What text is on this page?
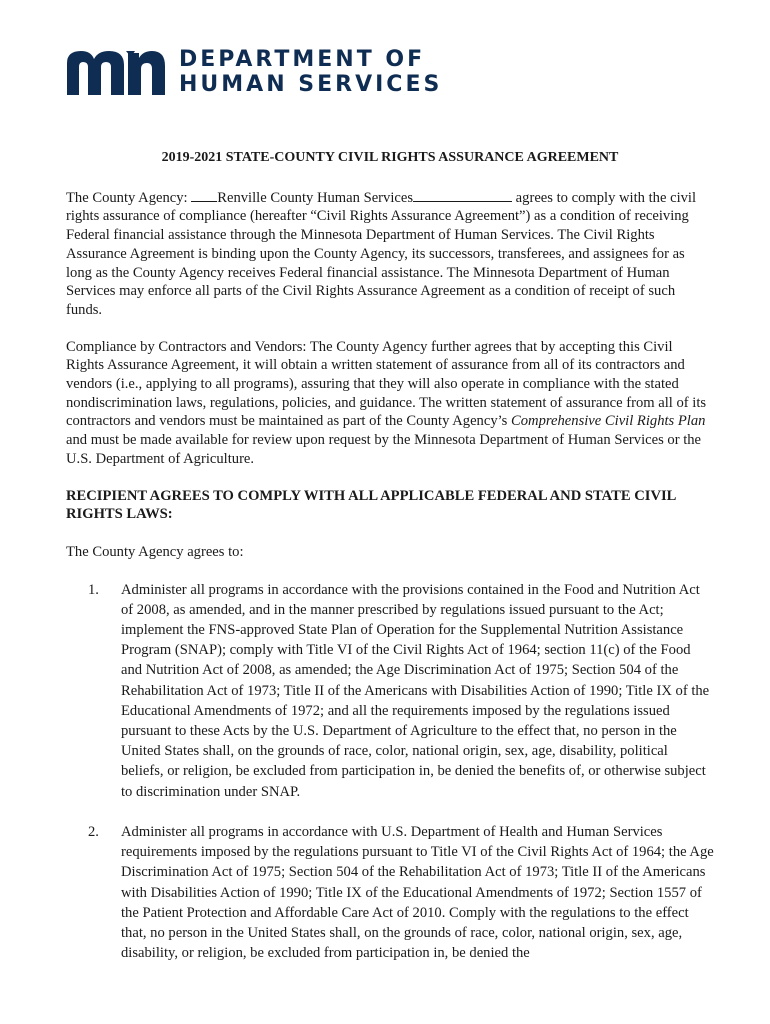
DEPARTMENT OF
HUMAN SERVICES
2019-2021 STATE-COUNTY CIVIL RIGHTS ASSURANCE AGREEMENT

The County Agency: Renville County Human Services	agrees to comply with the civil rights assurance of compliance (hereafter “Civil Rights Assurance Agreement”) as a condition of receiving Federal financial assistance through the Minnesota Department of Human Services. The Civil Rights Assurance Agreement is binding upon the County Agency, its successors, transferees, and assignees for as long as the County Agency receives Federal financial assistance. The Minnesota Department of Human Services may enforce all parts of the Civil Rights Assurance Agreement as a condition of receipt of such funds.

Compliance by Contractors and Vendors: The County Agency further agrees that by accepting this Civil Rights Assurance Agreement, it will obtain a written statement of assurance from all of its contractors and vendors (i.e., applying to all programs), assuring that they will also operate in compliance with the stated nondiscrimination laws, regulations, policies, and guidance. The written statement of assurance from all of its contractors and vendors must be maintained as part of the County Agency’s Comprehensive Civil Rights Plan and must be made available for review upon request by the Minnesota Department of Human Services or the U.S. Department of Agriculture.

RECIPIENT AGREES TO COMPLY WITH ALL APPLICABLE FEDERAL AND STATE CIVIL RIGHTS LAWS:

The County Agency agrees to:

1. Administer all programs in accordance with the provisions contained in the Food and Nutrition Act of 2008, as amended, and in the manner prescribed by regulations issued pursuant to the Act; implement the FNS-approved State Plan of Operation for the Supplemental Nutrition Assistance Program (SNAP); comply with Title VI of the Civil Rights Act of 1964; section 11(c) of the Food and Nutrition Act of 2008, as amended; the Age Discrimination Act of 1975; Section 504 of the Rehabilitation Act of 1973; Title II of the Americans with Disabilities Action of 1990; Title IX of the Educational Amendments of 1972; and all the requirements imposed by the regulations issued pursuant to these Acts by the U.S. Department of Agriculture to the effect that, no person in the United States shall, on the grounds of race, color, national origin, sex, age, disability, political beliefs, or religion, be excluded from participation in, be denied the benefits of, or otherwise subject to discrimination under SNAP.
2. Administer all programs in accordance with U.S. Department of Health and Human Services requirements imposed by the regulations pursuant to Title VI of the Civil Rights Act of 1964; the Age Discrimination Act of 1975; Section 504 of the Rehabilitation Act of 1973; Title II of the Americans with Disabilities Action of 1990; Title IX of the Educational Amendments of 1972; Section 1557 of the Patient Protection and Affordable Care Act of 2010. Comply with the regulations to the effect that, no person in the United States shall, on the grounds of race, color, national origin, sex, age, disability, or religion, be excluded from participation in, be denied the
